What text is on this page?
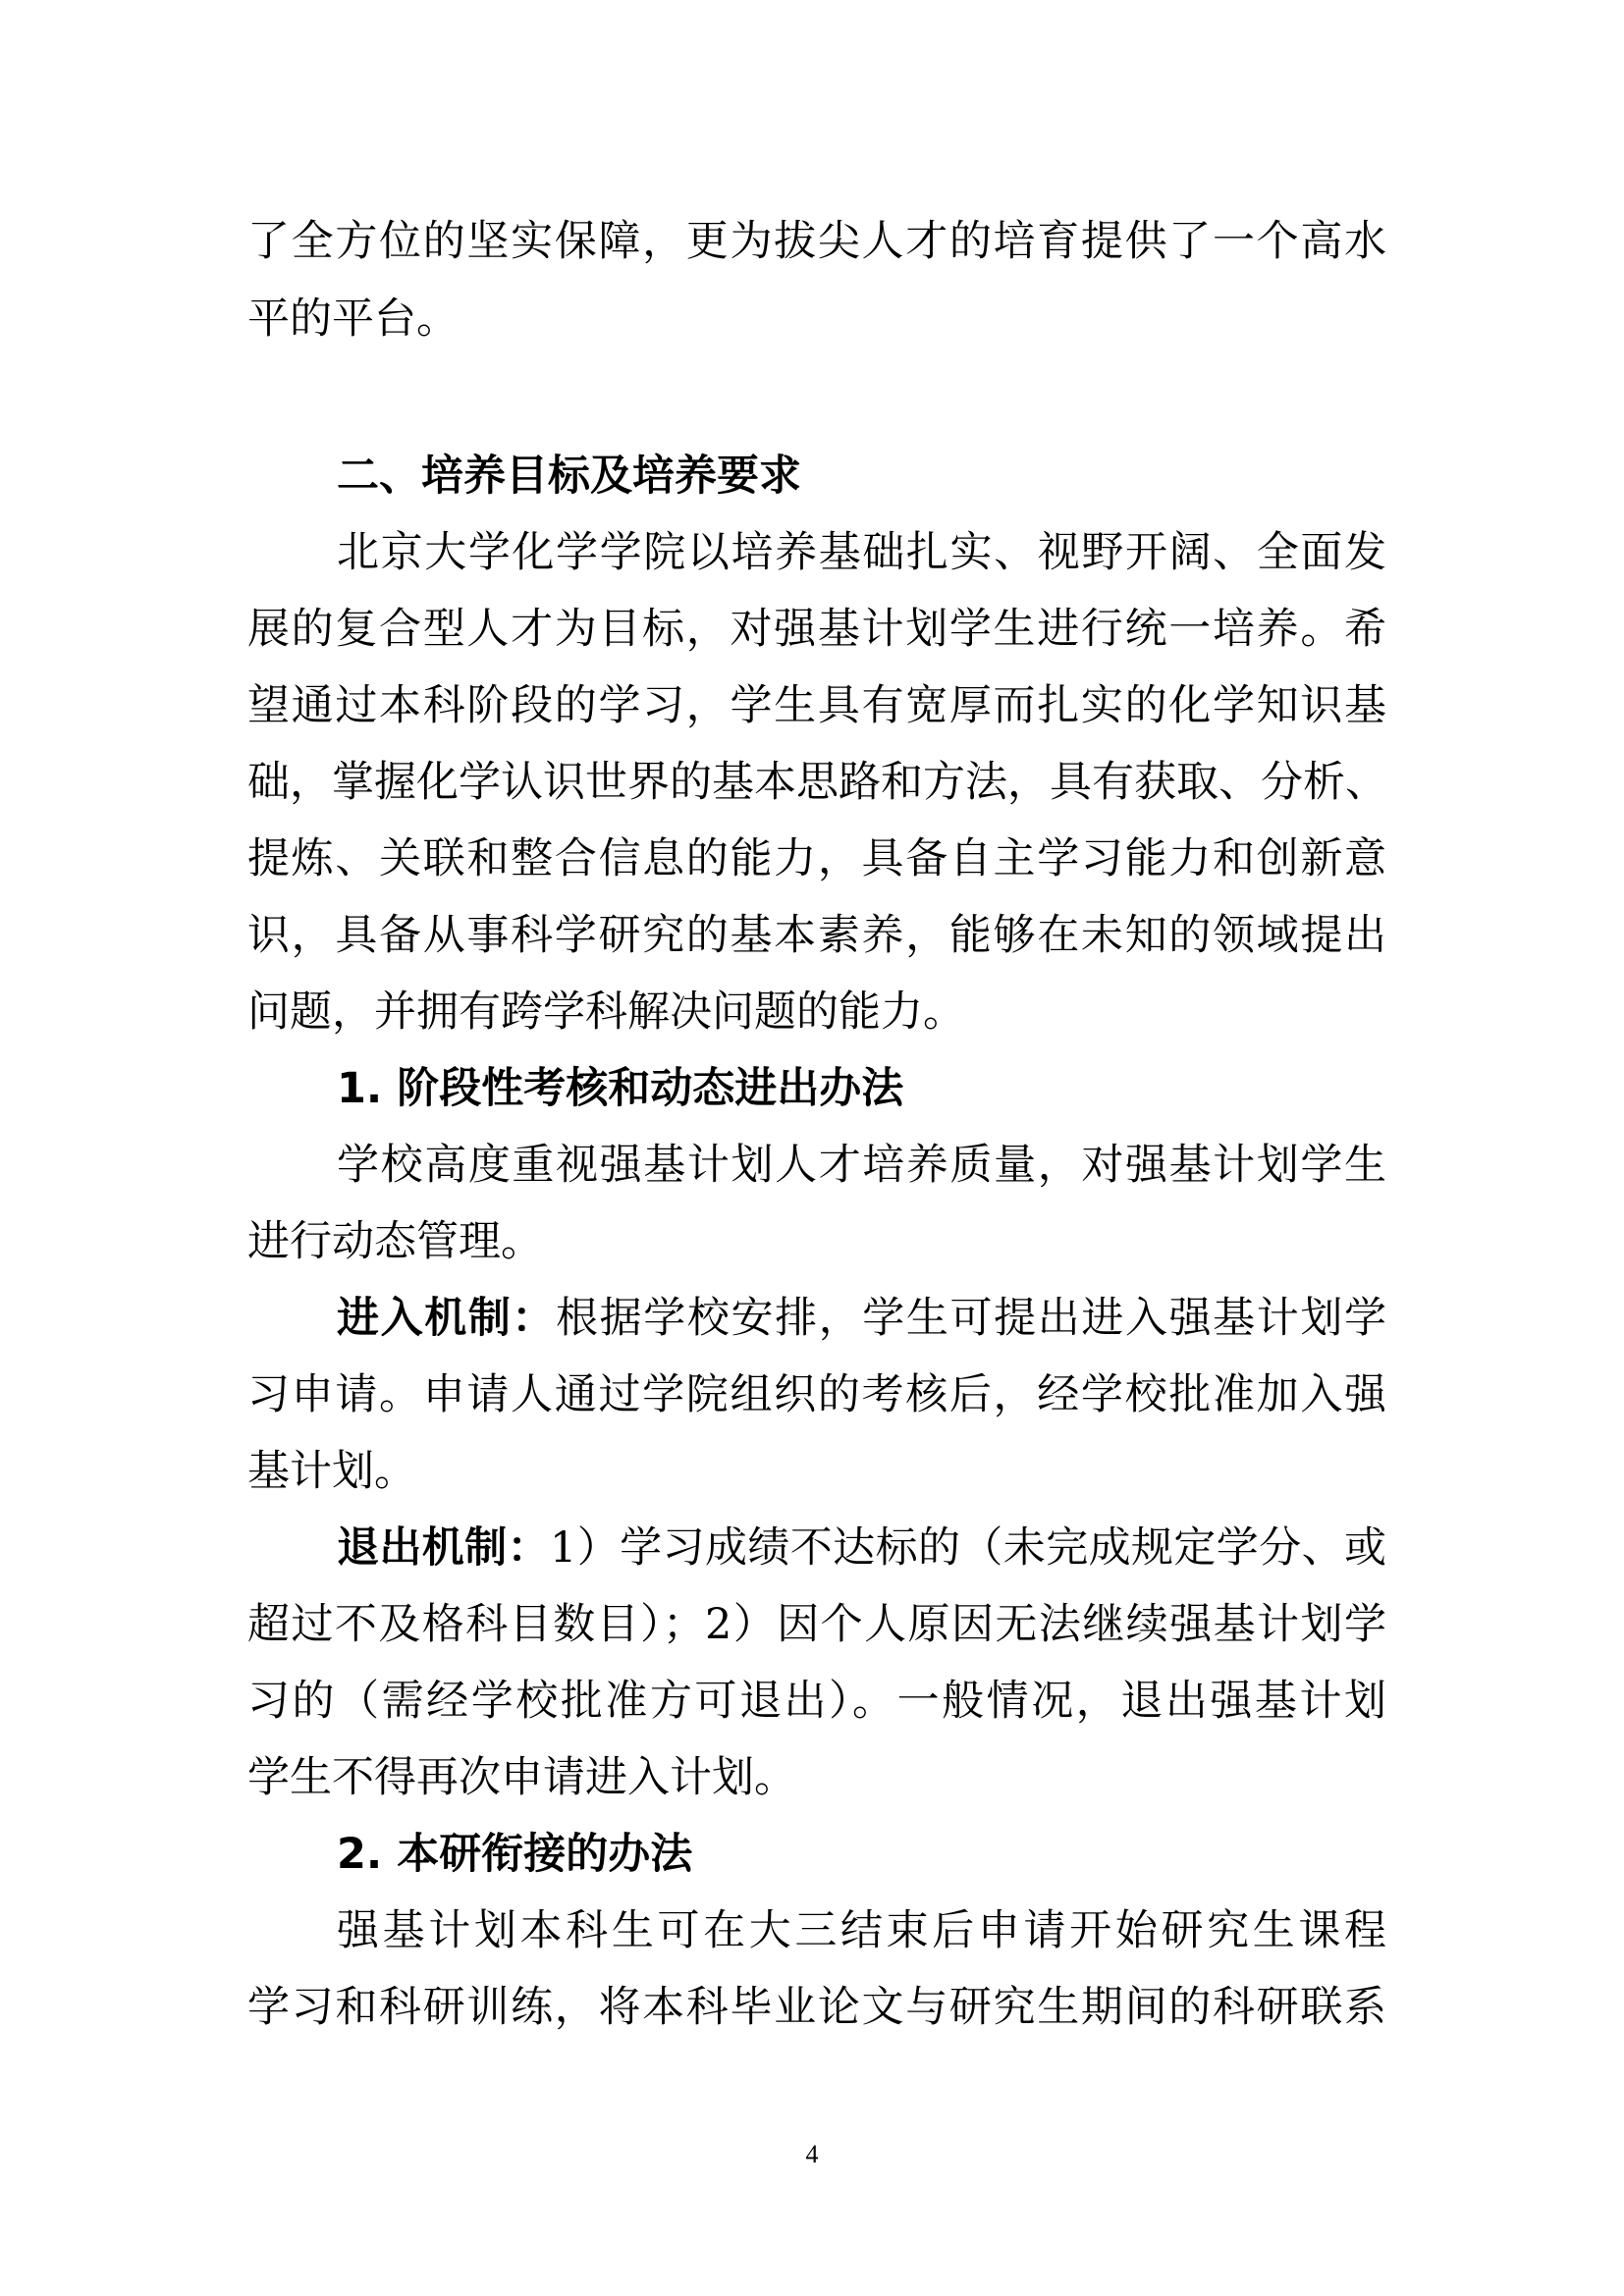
了全方位的坚实保障，更为拔尖人才的培育提供了一个高水
平的平台。
二、培养目标及培养要求
北京大学化学学院以培养基础扎实、视野开阔、全面发
展的复合型人才为目标，对强基计划学生进行统一培养。希
望通过本科阶段的学习，学生具有宽厚而扎实的化学知识基
础，掌握化学认识世界的基本思路和方法，具有获取、分析、
提炼、关联和整合信息的能力，具备自主学习能力和创新意
识，具备从事科学研究的基本素养，能够在未知的领域提出
问题，并拥有跨学科解决问题的能力。
1. 阶段性考核和动态进出办法
学校高度重视强基计划人才培养质量，对强基计划学生
进行动态管理。
进入机制：根据学校安排，学生可提出进入强基计划学
习申请。申请人通过学院组织的考核后，经学校批准加入强
基计划。
退出机制：1）学习成绩不达标的（未完成规定学分、或
超过不及格科目数目）；2）因个人原因无法继续强基计划学
习的（需经学校批准方可退出）。一般情况，退出强基计划
学生不得再次申请进入计划。
2. 本研衔接的办法
强基计划本科生可在大三结束后申请开始研究生课程
学习和科研训练，将本科毕业论文与研究生期间的科研联系
4
